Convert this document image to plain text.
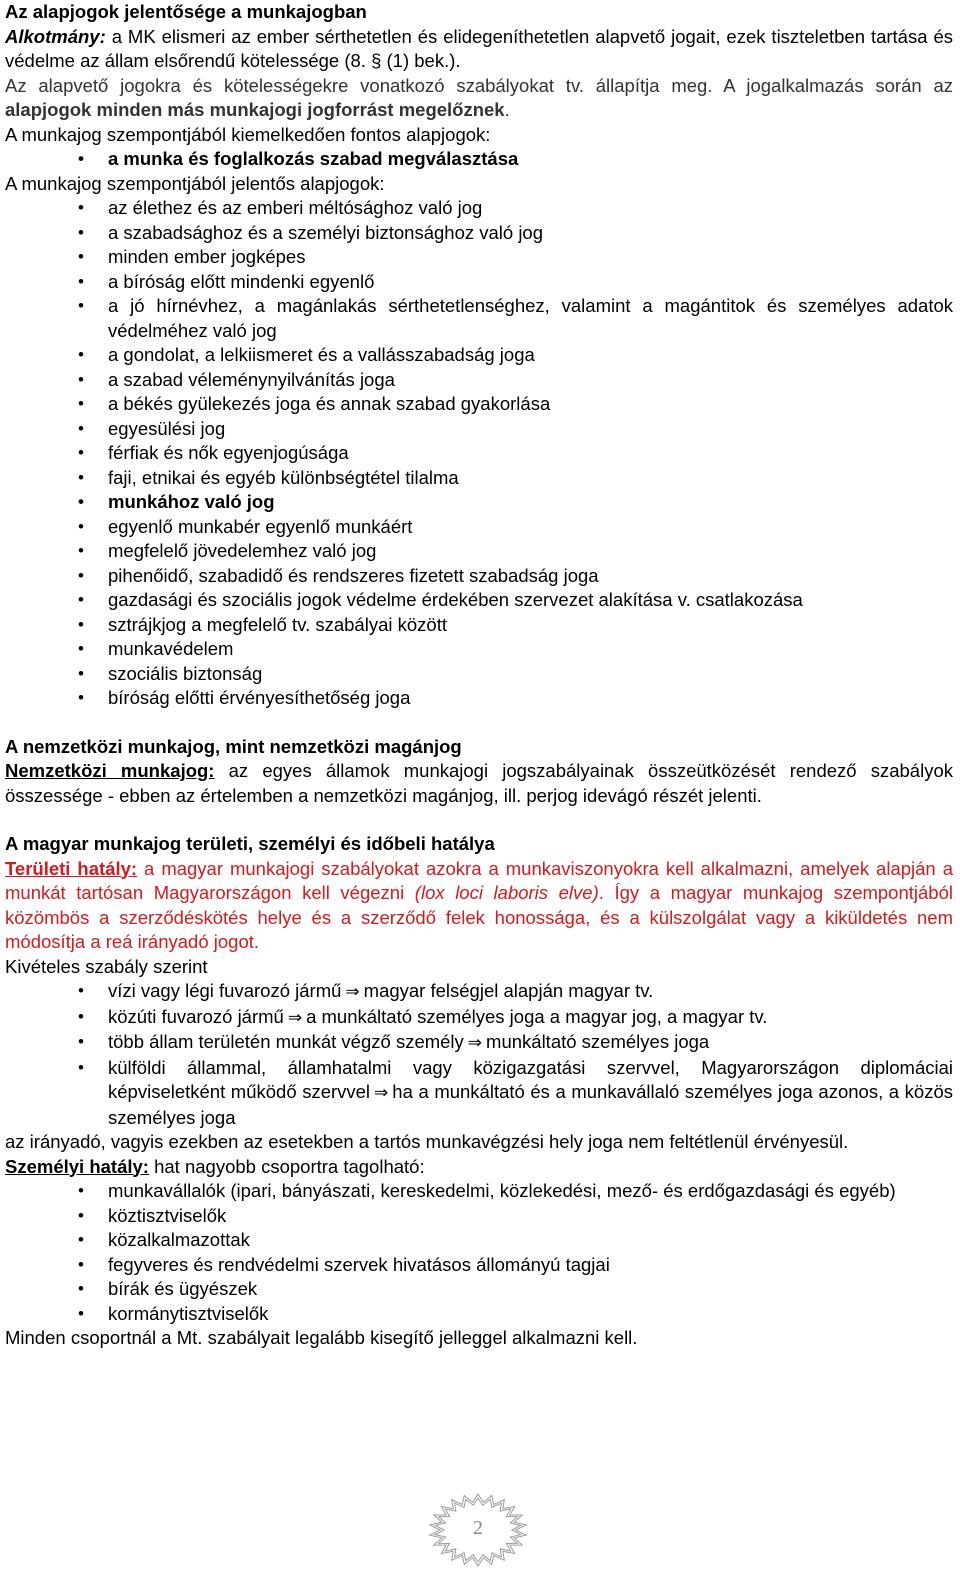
Az alapjogok jelentősége a munkajogban

Alkotmány: a MK elismeri az ember sérthetetlen és elidegeníthetetlen alapvető jogait, ezek tiszteletben tartása és védelme az állam elsőrendű kötelessége (8. § (1) bek.).

Az alapvető jogokra és kötelességekre vonatkozó szabályokat tv. állapítja meg. A jogalkalmazás során az alapjogok minden más munkajogi jogforrást megelőznek.

A munkajog szempontjából kiemelkedően fontos alapjogok:

• a munka és foglalkozás szabad megválasztása

A munkajog szempontjából jelentős alapjogok:

• az élethez és az emberi méltósághoz való jog
• a szabadsághoz és a személyi biztonsághoz való jog
• minden ember jogképes
• a bíróság előtt mindenki egyenlő
• a jó hírnévhez, a magánlakás sérthetetlenséghez, valamint a magántitok és személyes adatok védelméhez való jog
• a gondolat, a lelkiismeret és a vallásszabadság joga
• a szabad véleménynyilvánítás joga
• a békés gyülekezés joga és annak szabad gyakorlása
• egyesülési jog
• férfiak és nők egyenjogúsága
• faji, etnikai és egyéb különbségtétel tilalma
• munkához való jog
• egyenlő munkabér egyenlő munkáért
• megfelelő jövedelemhez való jog
• pihenőidő, szabadidő és rendszeres fizetett szabadság joga
• gazdasági és szociális jogok védelme érdekében szervezet alakítása v. csatlakozása
• sztrájkjog a megfelelő tv. szabályai között
• munkavédelem
• szociális biztonság
• bíróság előtti érvényesíthetőség joga

A nemzetközi munkajog, mint nemzetközi magánjog

Nemzetközi munkajog: az egyes államok munkajogi jogszabályainak összeütközését rendező szabályok összessége - ebben az értelemben a nemzetközi magánjog, ill. perjog idevágó részét jelenti.

A magyar munkajog területi, személyi és időbeli hatálya

Területi hatály: a magyar munkajogi szabályokat azokra a munkaviszonyokra kell alkalmazni, amelyek alapján a munkát tartósan Magyarországon kell végezni (lox loci laboris elve). Így a magyar munkajog szempontjából közömbös a szerződéskötés helye és a szerződő felek honossága, és a külszolgálat vagy a kiküldetés nem módosítja a reá irányadó jogot.

Kivételes szabály szerint

• vízi vagy légi fuvarozó jármű ⇒ magyar felségjel alapján magyar tv.
• közúti fuvarozó jármű ⇒ a munkáltató személyes joga a magyar jog, a magyar tv.
• több állam területén munkát végző személy ⇒ munkáltató személyes joga
• külföldi állammal, államhatalmi vagy közigazgatási szervvel, Magyarországon diplomáciai képviseletként működő szervvel ⇒ ha a munkáltató és a munkavállaló személyes joga azonos, a közös személyes joga

az irányadó, vagyis ezekben az esetekben a tartós munkavégzési hely joga nem feltétlenül érvényesül.

Személyi hatály: hat nagyobb csoportra tagolható:

• munkavállalók (ipari, bányászati, kereskedelmi, közlekedési, mező- és erdőgazdasági és egyéb)
• köztisztviselők
• közalkalmazottak
• fegyveres és rendvédelmi szervek hivatásos állományú tagjai
• bírák és ügyészek
• kormánytisztviselők

Minden csoportnál a Mt. szabályait legalább kisegítő jelleggel alkalmazni kell.

2
